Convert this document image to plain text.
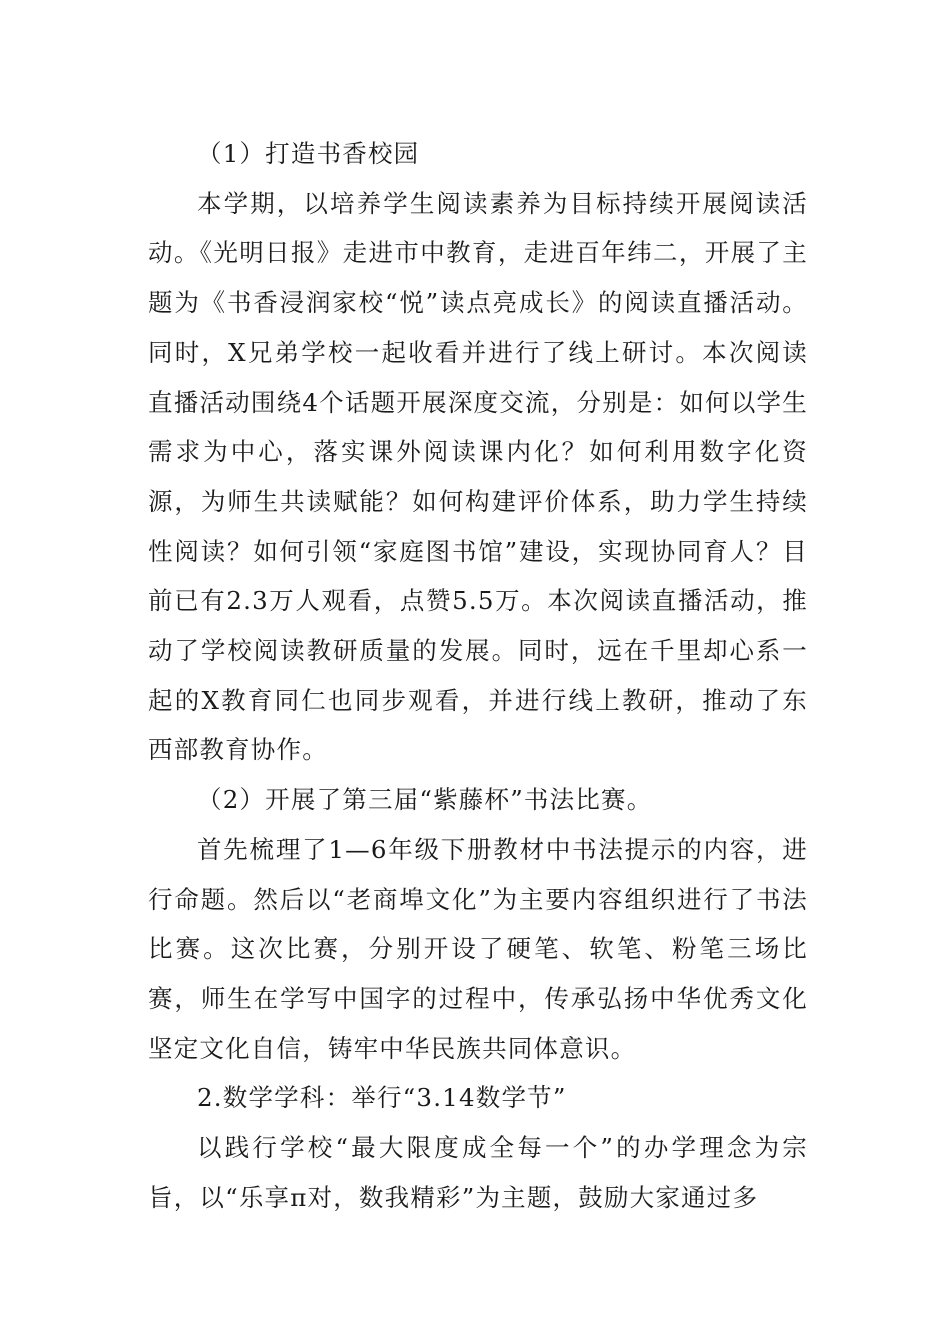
（1）打造书香校园

本学期，以培养学生阅读素养为目标持续开展阅读活动。《光明日报》走进市中教育，走进百年纬二，开展了主题为《书香浸润家校“悦”读点亮成长》的阅读直播活动。同时，X兄弟学校一起收看并进行了线上研讨。本次阅读直播活动围绕4个话题开展深度交流，分别是：如何以学生需求为中心，落实课外阅读课内化？如何利用数字化资源，为师生共读赋能？如何构建评价体系，助力学生持续性阅读？如何引领“家庭图书馆”建设，实现协同育人？目前已有2.3万人观看，点赞5.5万。本次阅读直播活动，推动了学校阅读教研质量的发展。同时，远在千里却心系一起的X教育同仁也同步观看，并进行线上教研，推动了东西部教育协作。

（2）开展了第三届“紫藤杯”书法比赛。

首先梳理了1—6年级下册教材中书法提示的内容，进行命题。然后以“老商埠文化”为主要内容组织进行了书法比赛。这次比赛，分别开设了硬笔、软笔、粉笔三场比赛，师生在学写中国字的过程中，传承弘扬中华优秀文化坚定文化自信，铸牢中华民族共同体意识。

2.数学学科：举行“3.14数学节”

以践行学校“最大限度成全每一个”的办学理念为宗旨，以“乐享π对，数我精彩”为主题，鼓励大家通过多
